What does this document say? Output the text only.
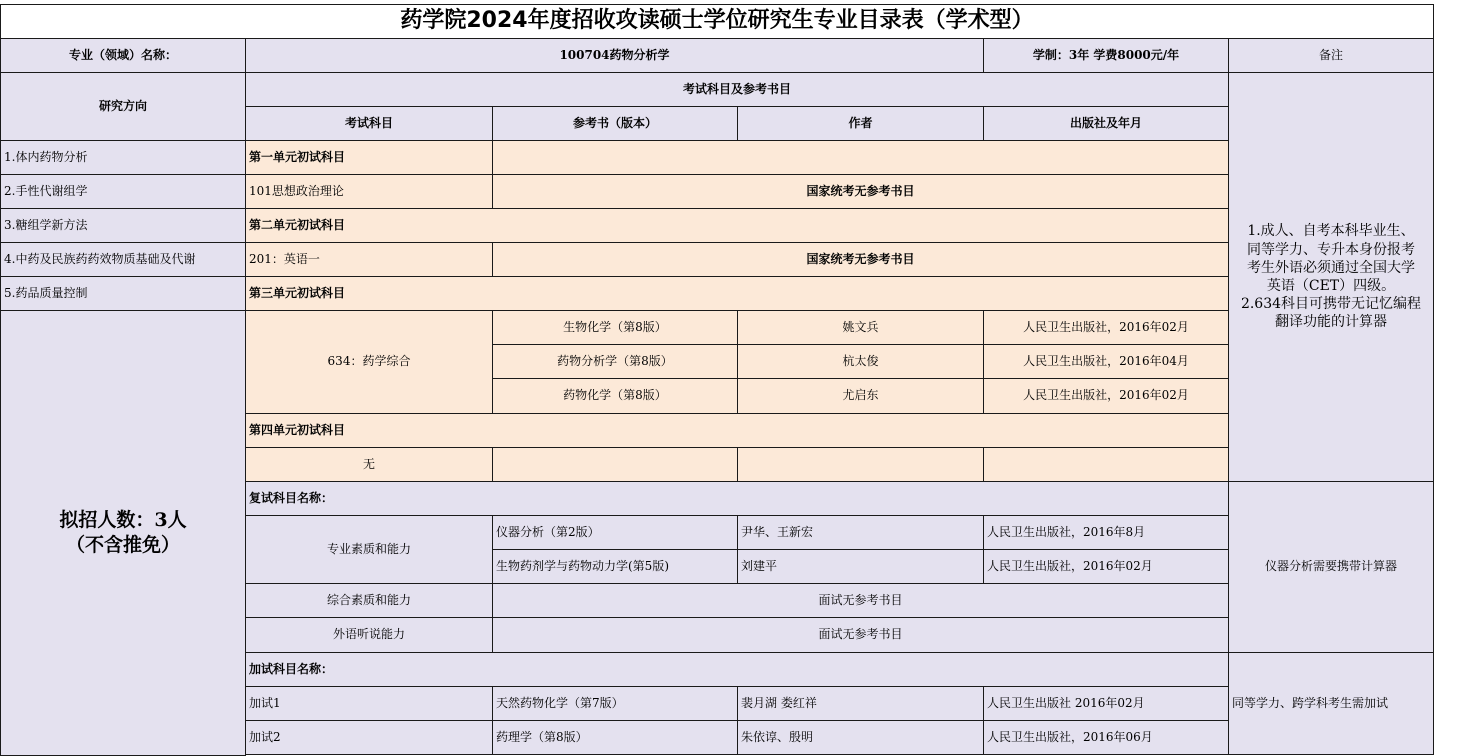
药学院2024年度招收攻读硕士学位研究生专业目录表（学术型）
专业（领域）名称：	100704药物分析学	学制：3年 学费8000元/年	备注
研究方向
考试科目及参考书目
考试科目	参考书（版本）	作者	出版社及年月
1.成人、自考本科毕业生、
同等学力、专升本身份报考
考生外语必须通过全国大学
英语（CET）四级。
2.634科目可携带无记忆编程
翻译功能的计算器
1.体内药物分析
2.手性代谢组学
3.糖组学新方法
4.中药及民族药药效物质基础及代谢
5.药品质量控制
拟招人数：3人
（不含推免）
第一单元初试科目
101思想政治理论	国家统考无参考书目
第二单元初试科目
201：英语一	国家统考无参考书目
第三单元初试科目
634：药学综合
生物化学（第8版）	姚文兵	人民卫生出版社，2016年02月
药物分析学（第8版）	杭太俊	人民卫生出版社，2016年04月
药物化学（第8版）	尤启东	人民卫生出版社，2016年02月
第四单元初试科目
无
复试科目名称：
专业素质和能力
仪器分析（第2版）	尹华、王新宏	人民卫生出版社，2016年8月
生物药剂学与药物动力学(第5版)	刘建平	人民卫生出版社，2016年02月
综合素质和能力	面试无参考书目
外语听说能力	面试无参考书目
仪器分析需要携带计算器
加试科目名称：
加试1	天然药物化学（第7版）	裴月湖 娄红祥	人民卫生出版社 2016年02月
加试2	药理学（第8版）	朱依谆、殷明	人民卫生出版社，2016年06月
同等学力、跨学科考生需加试
